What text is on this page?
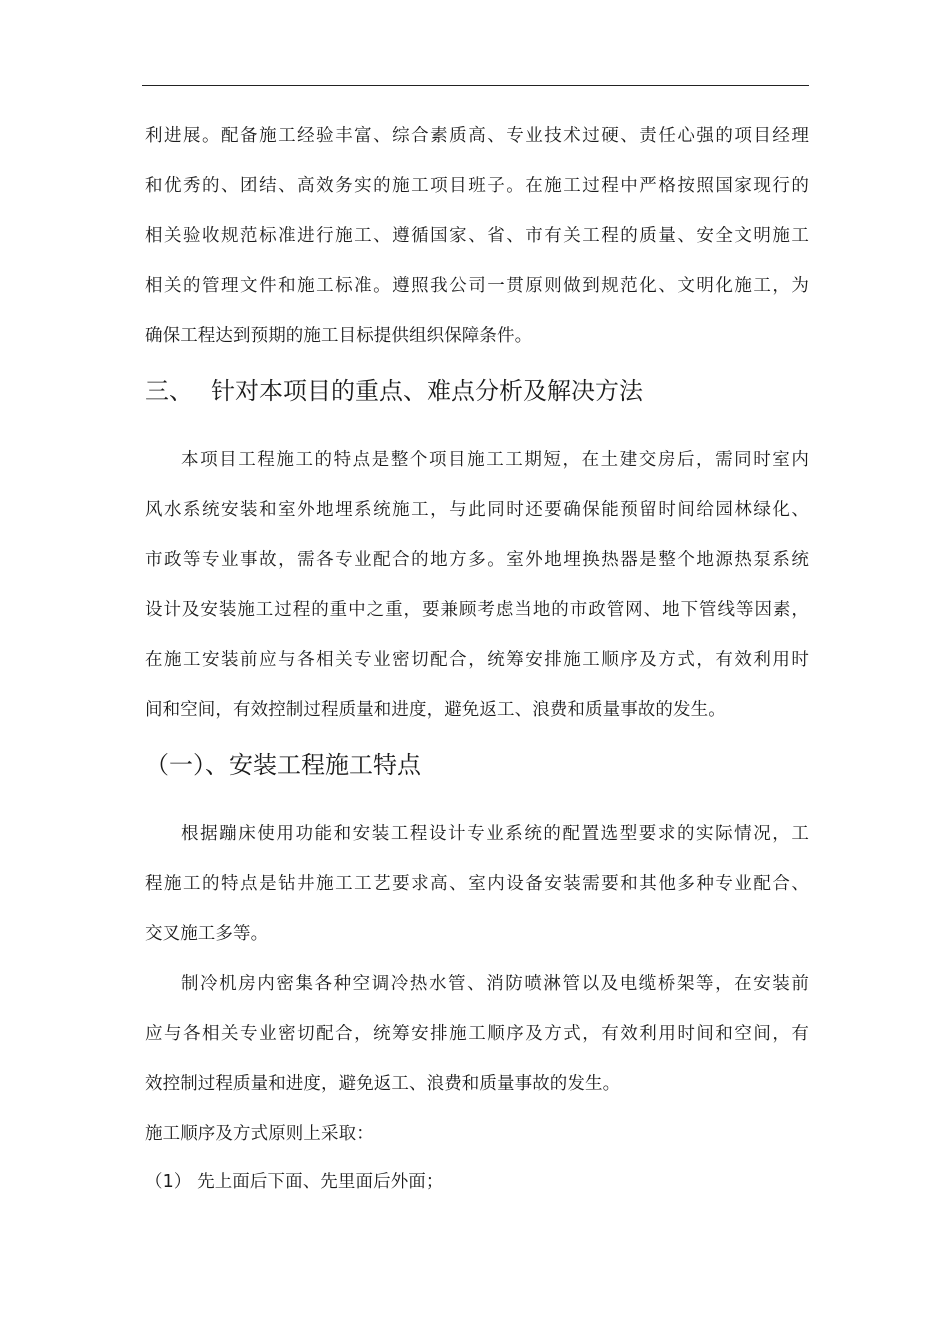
利进展。配备施工经验丰富、综合素质高、专业技术过硬、责任心强的项目经理
和优秀的、团结、高效务实的施工项目班子。在施工过程中严格按照国家现行的
相关验收规范标准进行施工、遵循国家、省、市有关工程的质量、安全文明施工
相关的管理文件和施工标准。遵照我公司一贯原则做到规范化、文明化施工，为
确保工程达到预期的施工目标提供组织保障条件。
三、 针对本项目的重点、难点分析及解决方法
本项目工程施工的特点是整个项目施工工期短，在土建交房后，需同时室内
风水系统安装和室外地埋系统施工，与此同时还要确保能预留时间给园林绿化、
市政等专业事故，需各专业配合的地方多。室外地埋换热器是整个地源热泵系统
设计及安装施工过程的重中之重，要兼顾考虑当地的市政管网、地下管线等因素，
在施工安装前应与各相关专业密切配合，统筹安排施工顺序及方式，有效利用时
间和空间，有效控制过程质量和进度，避免返工、浪费和质量事故的发生。
（一）、安装工程施工特点
根据蹦床使用功能和安装工程设计专业系统的配置选型要求的实际情况，工
程施工的特点是钻井施工工艺要求高、室内设备安装需要和其他多种专业配合、
交叉施工多等。
制冷机房内密集各种空调冷热水管、消防喷淋管以及电缆桥架等，在安装前
应与各相关专业密切配合，统筹安排施工顺序及方式，有效利用时间和空间，有
效控制过程质量和进度，避免返工、浪费和质量事故的发生。
施工顺序及方式原则上采取：
（1） 先上面后下面、先里面后外面；
